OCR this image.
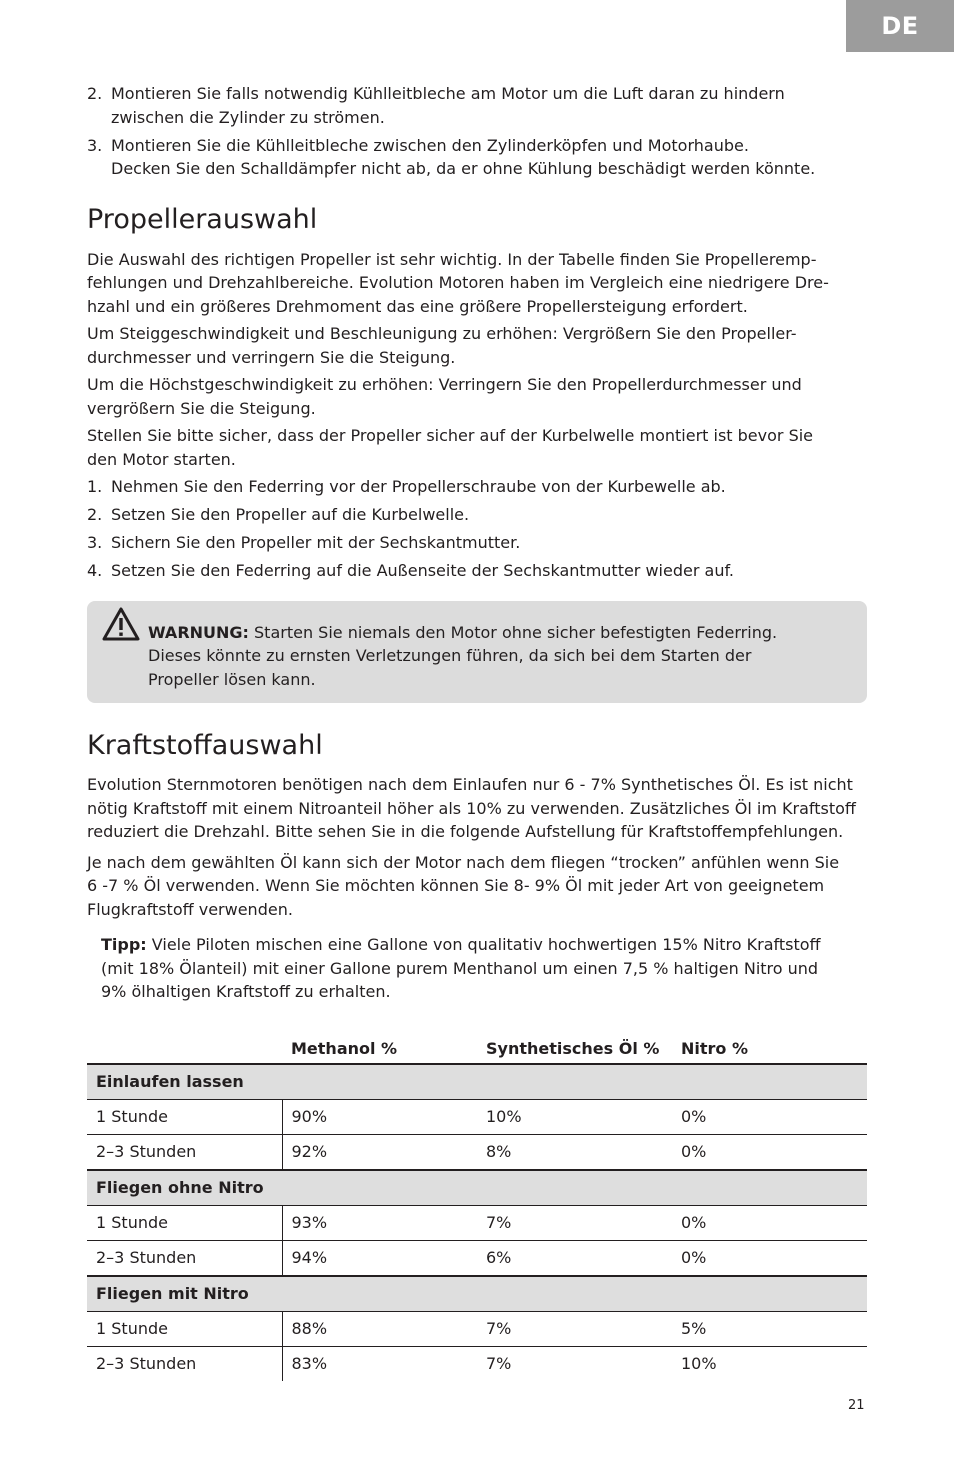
DE
2. Montieren Sie falls notwendig Kühlleitbleche am Motor um die Luft daran zu hindern
zwischen die Zylinder zu strömen.
3. Montieren Sie die Kühlleitbleche zwischen den Zylinderköpfen und Motorhaube.
Decken Sie den Schalldämpfer nicht ab, da er ohne Kühlung beschädigt werden könnte.
Propellerauswahl

Die Auswahl des richtigen Propeller ist sehr wichtig. In der Tabelle finden Sie Propelleremp-
fehlungen und Drehzahlbereiche. Evolution Motoren haben im Vergleich eine niedrigere Dre-
hzahl und ein größeres Drehmoment das eine größere Propellersteigung erfordert.

Um Steiggeschwindigkeit und Beschleunigung zu erhöhen: Vergrößern Sie den Propeller-
durchmesser und verringern Sie die Steigung.

Um die Höchstgeschwindigkeit zu erhöhen: Verringern Sie den Propellerdurchmesser und
vergrößern Sie die Steigung.

Stellen Sie bitte sicher, dass der Propeller sicher auf der Kurbelwelle montiert ist bevor Sie
den Motor starten.

1. Nehmen Sie den Federring vor der Propellerschraube von der Kurbewelle ab.
2. Setzen Sie den Propeller auf die Kurbelwelle.
3. Sichern Sie den Propeller mit der Sechskantmutter.
4. Setzen Sie den Federring auf die Außenseite der Sechskantmutter wieder auf.

WARNUNG: Starten Sie niemals den Motor ohne sicher befestigten Federring.
Dieses könnte zu ernsten Verletzungen führen, da sich bei dem Starten der
Propeller lösen kann.

Kraftstoffauswahl

Evolution Sternmotoren benötigen nach dem Einlaufen nur 6 - 7% Synthetisches Öl. Es ist nicht
nötig Kraftstoff mit einem Nitroanteil höher als 10% zu verwenden. Zusätzliches Öl im Kraftstoff
reduziert die Drehzahl. Bitte sehen Sie in die folgende Aufstellung für Kraftstoffempfehlungen.

Je nach dem gewählten Öl kann sich der Motor nach dem fliegen “trocken” anfühlen wenn Sie
6 -7 % Öl verwenden. Wenn Sie möchten können Sie 8- 9% Öl mit jeder Art von geeignetem
Flugkraftstoff verwenden.

Tipp: Viele Piloten mischen eine Gallone von qualitativ hochwertigen 15% Nitro Kraftstoff
(mit 18% Ölanteil) mit einer Gallone purem Menthanol um einen 7,5 % haltigen Nitro und
9% ölhaltigen Kraftstoff zu erhalten.

	Methanol %	Synthetisches Öl %	Nitro %
Einlaufen lassen			
1 Stunde	90%	10%	0%
2–3 Stunden	92%	8%	0%
Fliegen ohne Nitro			
1 Stunde	93%	7%	0%
2–3 Stunden	94%	6%	0%
Fliegen mit Nitro			
1 Stunde	88%	7%	5%
2–3 Stunden	83%	7%	10%
21
